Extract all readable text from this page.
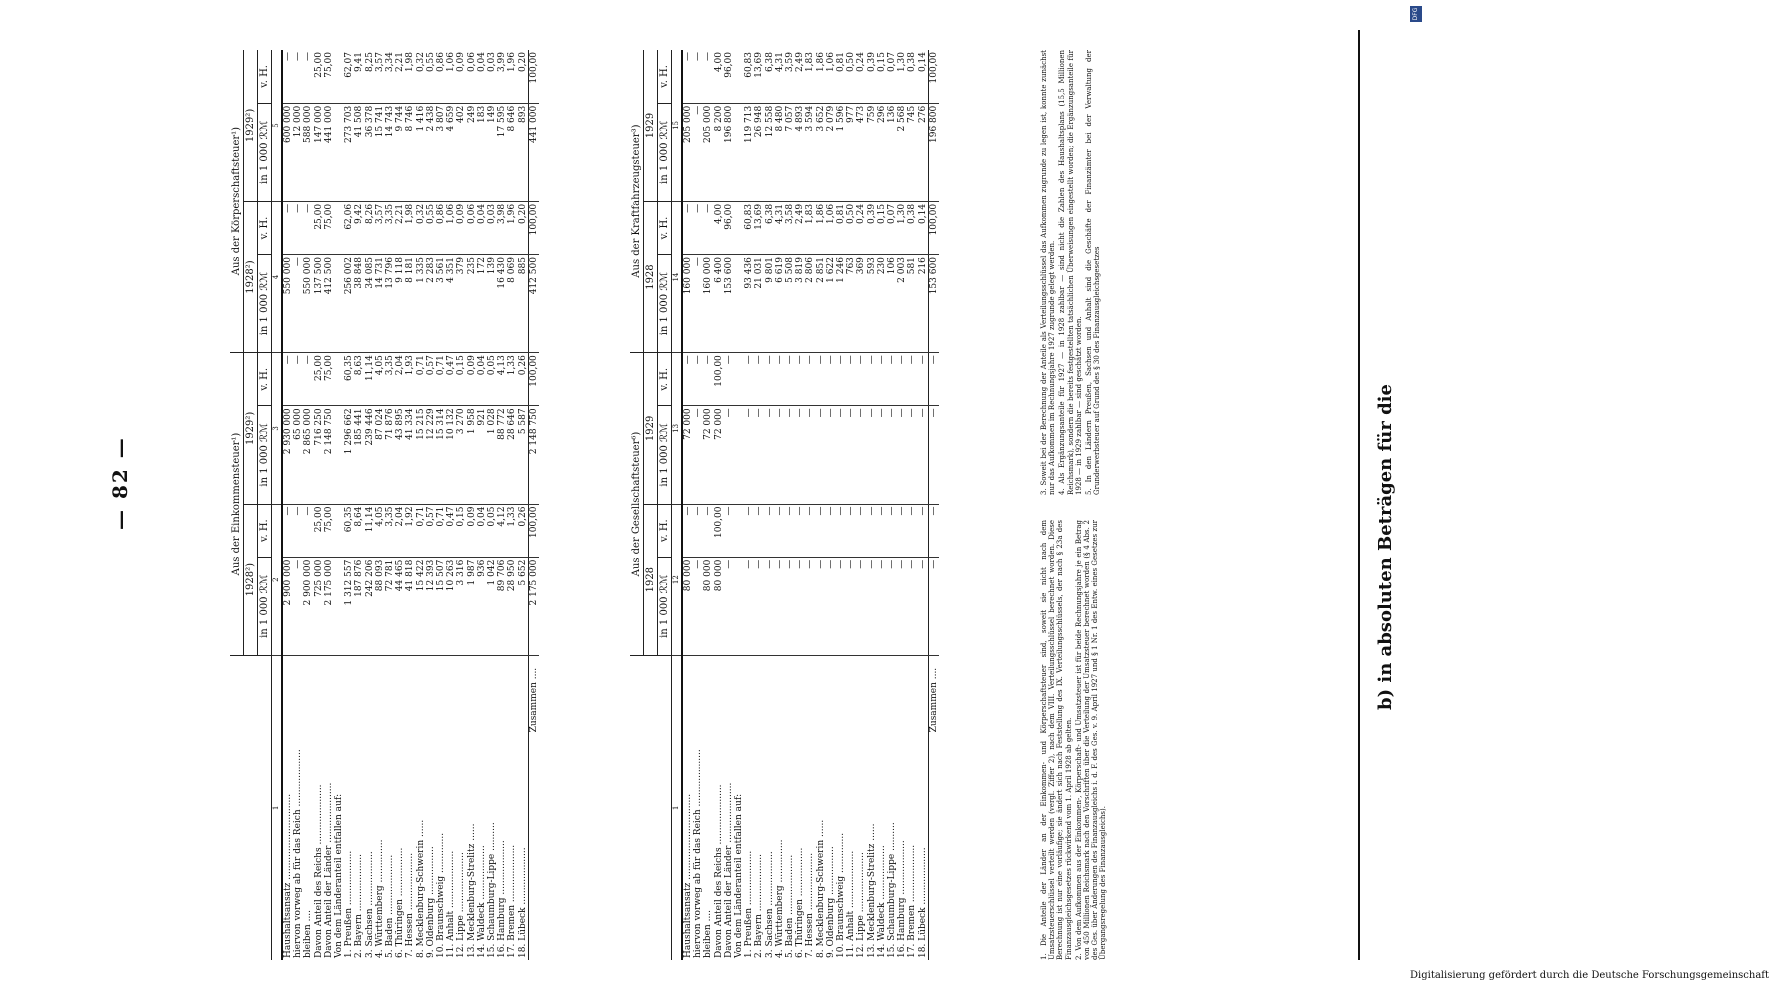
— 82 —	b) in absoluten Beträgen für die
	Aus der Einkommensteuer¹)				Aus der Körperschaftsteuer¹)			
	1928²)		1929²)		1928²)		1929²)	
	in 1 000 ℛℳ	v. H.	in 1 000 ℛℳ	v. H.	in 1 000 ℛℳ	v. H.	in 1 000 ℛℳ	v. H.
1	2		3		4		5	
Haushaltsansatz ..............................	2 900 000	—	2 930 000	—	550 000	—	600 000	—
hiervon vorweg ab für das Reich ....................	—	—	65 000	—	—	—	12 000	—
bleiben ....	2 900 000	—	2 865 000	—	550 000	—	588 000	—
Davon Anteil des Reichs .....................	725 000	25,00	716 250	25,00	137 500	25,00	147 000	25,00
Davon Anteil der Länder .....................	2 175 000	75,00	2 148 750	75,00	412 500	75,00	441 000	75,00
Von dem Länderanteil entfallen auf:								
1. Preußen ...................	1 312 557	60,35	1 296 662	60,35	256 002	62,06	273 703	62,07
2. Bayern ....................	187 876	8,64	185 441	8,63	38 848	9,42	41 508	9,41
3. Sachsen ...................	242 206	11,14	239 446	11,14	34 085	8,26	36 378	8,25
4. Württemberg ...............	88 093	4,05	87 024	4,05	14 731	3,57	15 741	3,57
5. Baden .....................	72 781	3,35	71 876	3,35	13 796	3,35	14 743	3,34
6. Thüringen .................	44 465	2,04	43 895	2,04	9 118	2,21	9 744	2,21
7. Hessen ....................	41 818	1,92	41 334	1,93	8 181	1,98	8 746	1,98
8. Mecklenburg-Schwerin ......	15 422	0,71	15 215	0,71	1 335	0,32	1 416	0,32
9. Oldenburg .................	12 393	0,57	12 229	0,57	2 283	0,55	2 438	0,55
10. Braunschweig ..............	15 507	0,71	15 314	0,71	3 561	0,86	3 807	0,86
11. Anhalt ....................	10 263	0,47	10 132	0,47	4 351	1,06	4 659	1,06
12. Lippe .....................	3 316	0,15	3 270	0,15	379	0,09	402	0,09
13. Mecklenburg-Strelitz ......	1 987	0,09	1 958	0,09	235	0,06	249	0,06
14. Waldeck ...................	936	0,04	921	0,04	172	0,04	183	0,04
15. Schaumburg-Lippe ..........	1 042	0,05	1 028	0,05	139	0,03	149	0,03
16. Hamburg ...................	89 706	4,12	88 772	4,13	16 430	3,98	17 595	3,99
17. Bremen ....................	28 950	1,33	28 646	1,33	8 069	1,96	8 646	1,96
18. Lübeck ....................	5 652	0,26	5 587	0,26	885	0,20	893	0,20
Zusammen ....	2 175 000	100,00	2 148 750	100,00	412 500	100,00	441 000	100,00
	Aus der Gesellschaftsteuer⁶)				Aus der Kraftfahrzeugsteuer³)			
	1928		1929		1928		1929	
	in 1 000 ℛℳ	v. H.	in 1 000 ℛℳ	v. H.	in 1 000 ℛℳ	v. H.	in 1 000 ℛℳ	v. H.
1	12		13		14		15	
Haushaltsansatz ..............................	80 000	—	72 000	—	160 000	—	205 000	—
hiervon vorweg ab für das Reich ....................	—	—	—	—	—	—	—	—
bleiben ....	80 000	—	72 000	—	160 000	—	205 000	—
Davon Anteil des Reichs .....................	80 000	100,00	72 000	100,00	6 400	4,00	8 200	4,00
Davon Anteil der Länder .....................	—	—	—	—	153 600	96,00	196 800	96,00
Von dem Länderanteil entfallen auf:								
1. Preußen ...................	—	—	—	—	93 436	60,83	119 713	60,83
2. Bayern ....................	—	—	—	—	21 031	13,69	26 948	13,69
3. Sachsen ...................	—	—	—	—	9 801	6,38	12 558	6,38
4. Württemberg ...............	—	—	—	—	6 619	4,31	8 480	4,31
5. Baden .....................	—	—	—	—	5 508	3,58	7 057	3,59
6. Thüringen .................	—	—	—	—	3 819	2,49	4 893	2,49
7. Hessen ....................	—	—	—	—	2 806	1,83	3 594	1,83
8. Mecklenburg-Schwerin ......	—	—	—	—	2 851	1,86	3 652	1,86
9. Oldenburg .................	—	—	—	—	1 622	1,06	2 079	1,06
10. Braunschweig ..............	—	—	—	—	1 246	0,81	1 596	0,81
11. Anhalt ....................	—	—	—	—	763	0,50	977	0,50
12. Lippe .....................	—	—	—	—	369	0,24	473	0,24
13. Mecklenburg-Strelitz ......	—	—	—	—	593	0,39	759	0,39
14. Waldeck ...................	—	—	—	—	230	0,15	296	0,15
15. Schaumburg-Lippe ..........	—	—	—	—	106	0,07	136	0,07
16. Hamburg ...................	—	—	—	—	2 003	1,30	2 568	1,30
17. Bremen ....................	—	—	—	—	581	0,38	745	0,38
18. Lübeck ....................	—	—	—	—	216	0,14	276	0,14
Zusammen ....	—	—	—	—	153 600	100,00	196 800	100,00

1. Die Anteile der Länder an der Einkommen- und Körperschaftsteuer sind, soweit sie nicht nach dem Umsatzsteuerschlüssel verteilt werden (vergl. Ziffer 2), nach dem VIII. Verteilungsschlüssel berechnet worden. Diese Berechnung ist nur eine vorläufige; sie ändert sich nach Feststellung des IX. Verteilungsschlüssels, der nach § 23a des Finanzausgleichsgesetzes rückwirkend vom 1. April 1928 ab gelten. 2. Von dem Aufkommen aus der Einkommen-, Körperschaft- und Umsatzsteuer ist für beide Rechnungsjahre je ein Betrag von 450 Millionen Reichsmark nach den Vorschriften über die Verteilung der Umsatzsteuer berechnet worden (§ 4 Abs. 2 des Ges. über Änderungen des Finanzausgleichs i. d. F. des Ges. v. 9. April 1927 und § 1 Nr. 1 des Entw. eines Gesetzes zur Übergangsregelung des Finanzausgleichs).

3. Soweit bei der Berechnung der Anteile als Verteilungsschlüssel das Aufkommen zugrunde zu legen ist, konnte zunächst nur das Aufkommen im Rechnungsjahre 1927 zugrunde gelegt werden. 4. Als Ergänzungsanteile für 1927 — in 1928 zahlbar — sind nicht die Zahlen des Haushaltsplans (15,5 Millionen Reichsmark), sondern die bereits festgestellten tatsächlichen Überweisungen eingestellt worden; die Ergänzungsanteile für 1928 — in 1929 zahlbar — sind geschätzt worden. 5. In den Ländern Preußen, Sachsen und Anhalt sind die Geschäfte der Finanzämter bei der Verwaltung der Grunderwerbsteuer auf Grund des § 30 des Finanzausgleichsgesetzes

Digitalisierung gefördert durch die Deutsche Forschungsgemeinschaft
DFG
